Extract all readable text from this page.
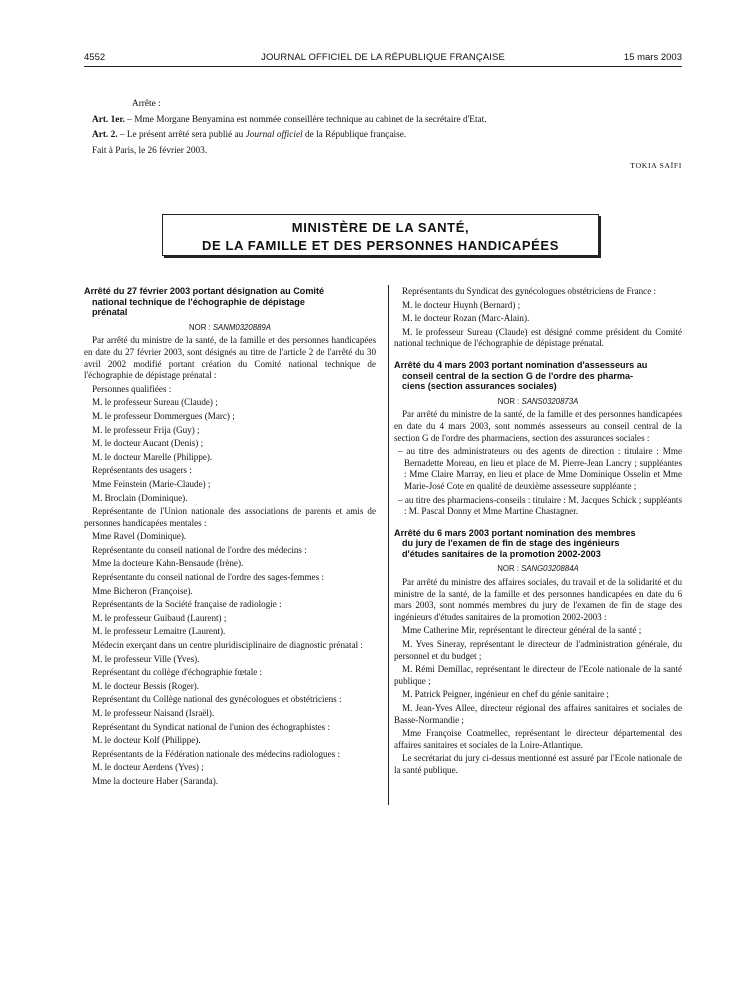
4552	JOURNAL OFFICIEL DE LA RÉPUBLIQUE FRANÇAISE	15 mars 2003

Arrête :

Art. 1er. – Mme Morgane Benyamina est nommée conseillère technique au cabinet de la secrétaire d'Etat.

Art. 2. – Le présent arrêté sera publié au Journal officiel de la République française.

Fait à Paris, le 26 février 2003.

TOKIA SAÏFI
MINISTÈRE DE LA SANTÉ,
DE LA FAMILLE ET DES PERSONNES HANDICAPÉES
Arrêté du 27 février 2003 portant désignation au Comité
national technique de l'échographie de dépistage
prénatal

NOR : SANM0320889A

Par arrêté du ministre de la santé, de la famille et des personnes handicapées en date du 27 février 2003, sont désignés au titre de l'article 2 de l'arrêté du 30 avril 2002 modifié portant création du Comité national technique de l'échographie de dépistage prénatal :

Personnes qualifiées :

M. le professeur Sureau (Claude) ;

M. le professeur Dommergues (Marc) ;

M. le professeur Frija (Guy) ;

M. le docteur Aucant (Denis) ;

M. le docteur Marelle (Philippe).

Représentants des usagers :

Mme Feinstein (Marie-Claude) ;

M. Broclain (Dominique).

Représentante de l'Union nationale des associations de parents et amis de personnes handicapées mentales :

Mme Ravel (Dominique).

Représentante du conseil national de l'ordre des médecins :

Mme la docteure Kahn-Bensaude (Irène).

Représentante du conseil national de l'ordre des sages-femmes :

Mme Bicheron (Françoise).

Représentants de la Société française de radiologie :

M. le professeur Guibaud (Laurent) ;

M. le professeur Lemaitre (Laurent).

Médecin exerçant dans un centre pluridisciplinaire de diagnostic prénatal :

M. le professeur Ville (Yves).

Représentant du collège d'échographie fœtale :

M. le docteur Bessis (Roger).

Représentant du Collège national des gynécologues et obstétriciens :

M. le professeur Naisand (Israël).

Représentant du Syndicat national de l'union des échographistes :

M. le docteur Kolf (Philippe).

Représentants de la Fédération nationale des médecins radiologues :

M. le docteur Aerdens (Yves) ;

Mme la docteure Haber (Saranda).

Représentants du Syndicat des gynécologues obstétriciens de France :

M. le docteur Huynh (Bernard) ;

M. le docteur Rozan (Marc-Alain).

M. le professeur Sureau (Claude) est désigné comme président du Comité national technique de l'échographie de dépistage prénatal.

Arrêté du 4 mars 2003 portant nomination d'assesseurs au
conseil central de la section G de l'ordre des pharma-
ciens (section assurances sociales)

NOR : SANS0320873A

Par arrêté du ministre de la santé, de la famille et des personnes handicapées en date du 4 mars 2003, sont nommés assesseurs au conseil central de la section G de l'ordre des pharmaciens, section des assurances sociales :

– au titre des administrateurs ou des agents de direction : titulaire : Mme Bernadette Moreau, en lieu et place de M. Pierre-Jean Lancry ; suppléantes : Mme Claire Marray, en lieu et place de Mme Dominique Osselin et Mme Marie-José Cote en qualité de deuxième assesseure suppléante ;

– au titre des pharmaciens-conseils : titulaire : M. Jacques Schick ; suppléants : M. Pascal Donny et Mme Martine Chastagner.

Arrêté du 6 mars 2003 portant nomination des membres
du jury de l'examen de fin de stage des ingénieurs
d'études sanitaires de la promotion 2002-2003

NOR : SANG0320884A

Par arrêté du ministre des affaires sociales, du travail et de la solidarité et du ministre de la santé, de la famille et des personnes handicapées en date du 6 mars 2003, sont nommés membres du jury de l'examen de fin de stage des ingénieurs d'études sanitaires de la promotion 2002-2003 :

Mme Catherine Mir, représentant le directeur général de la santé ;

M. Yves Sineray, représentant le directeur de l'administration générale, du personnel et du budget ;

M. Rémi Demillac, représentant le directeur de l'Ecole nationale de la santé publique ;

M. Patrick Peigner, ingénieur en chef du génie sanitaire ;

M. Jean-Yves Allee, directeur régional des affaires sanitaires et sociales de Basse-Normandie ;

Mme Françoise Coatmellec, représentant le directeur départemental des affaires sanitaires et sociales de la Loire-Atlantique.

Le secrétariat du jury ci-dessus mentionné est assuré par l'Ecole nationale de la santé publique.
